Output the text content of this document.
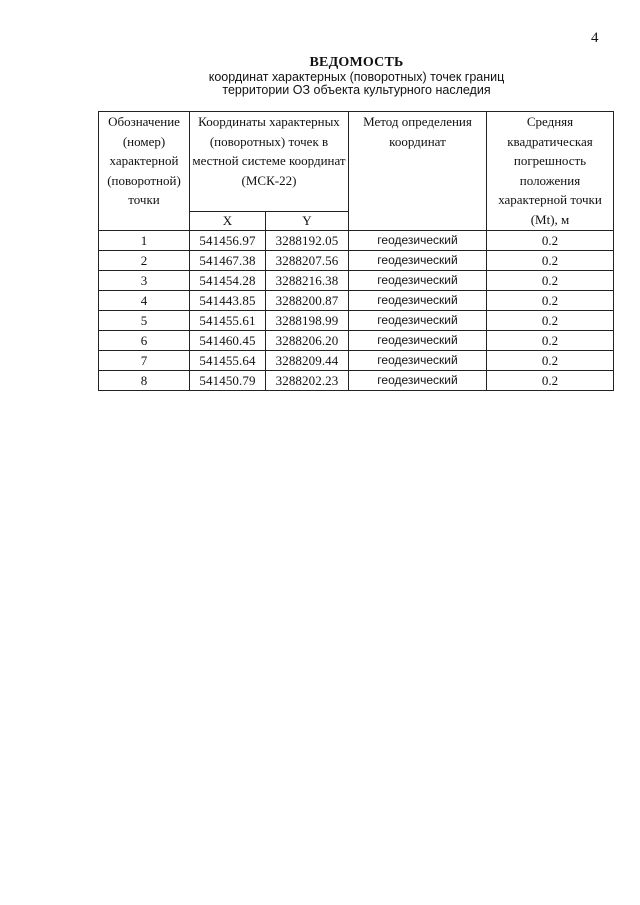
4
ВЕДОМОСТЬ
координат характерных (поворотных) точек границ
территории ОЗ объекта культурного наследия
Обозначение (номер) характерной (поворотной) точки	Координаты характерных (поворотных) точек в местной системе координат (МСК-22)		Метод определения координат	Средняя квадратическая погрешность положения характерной точки (Mt), м
	X	Y		
1	541456.97	3288192.05	геодезический	0.2
2	541467.38	3288207.56	геодезический	0.2
3	541454.28	3288216.38	геодезический	0.2
4	541443.85	3288200.87	геодезический	0.2
5	541455.61	3288198.99	геодезический	0.2
6	541460.45	3288206.20	геодезический	0.2
7	541455.64	3288209.44	геодезический	0.2
8	541450.79	3288202.23	геодезический	0.2
